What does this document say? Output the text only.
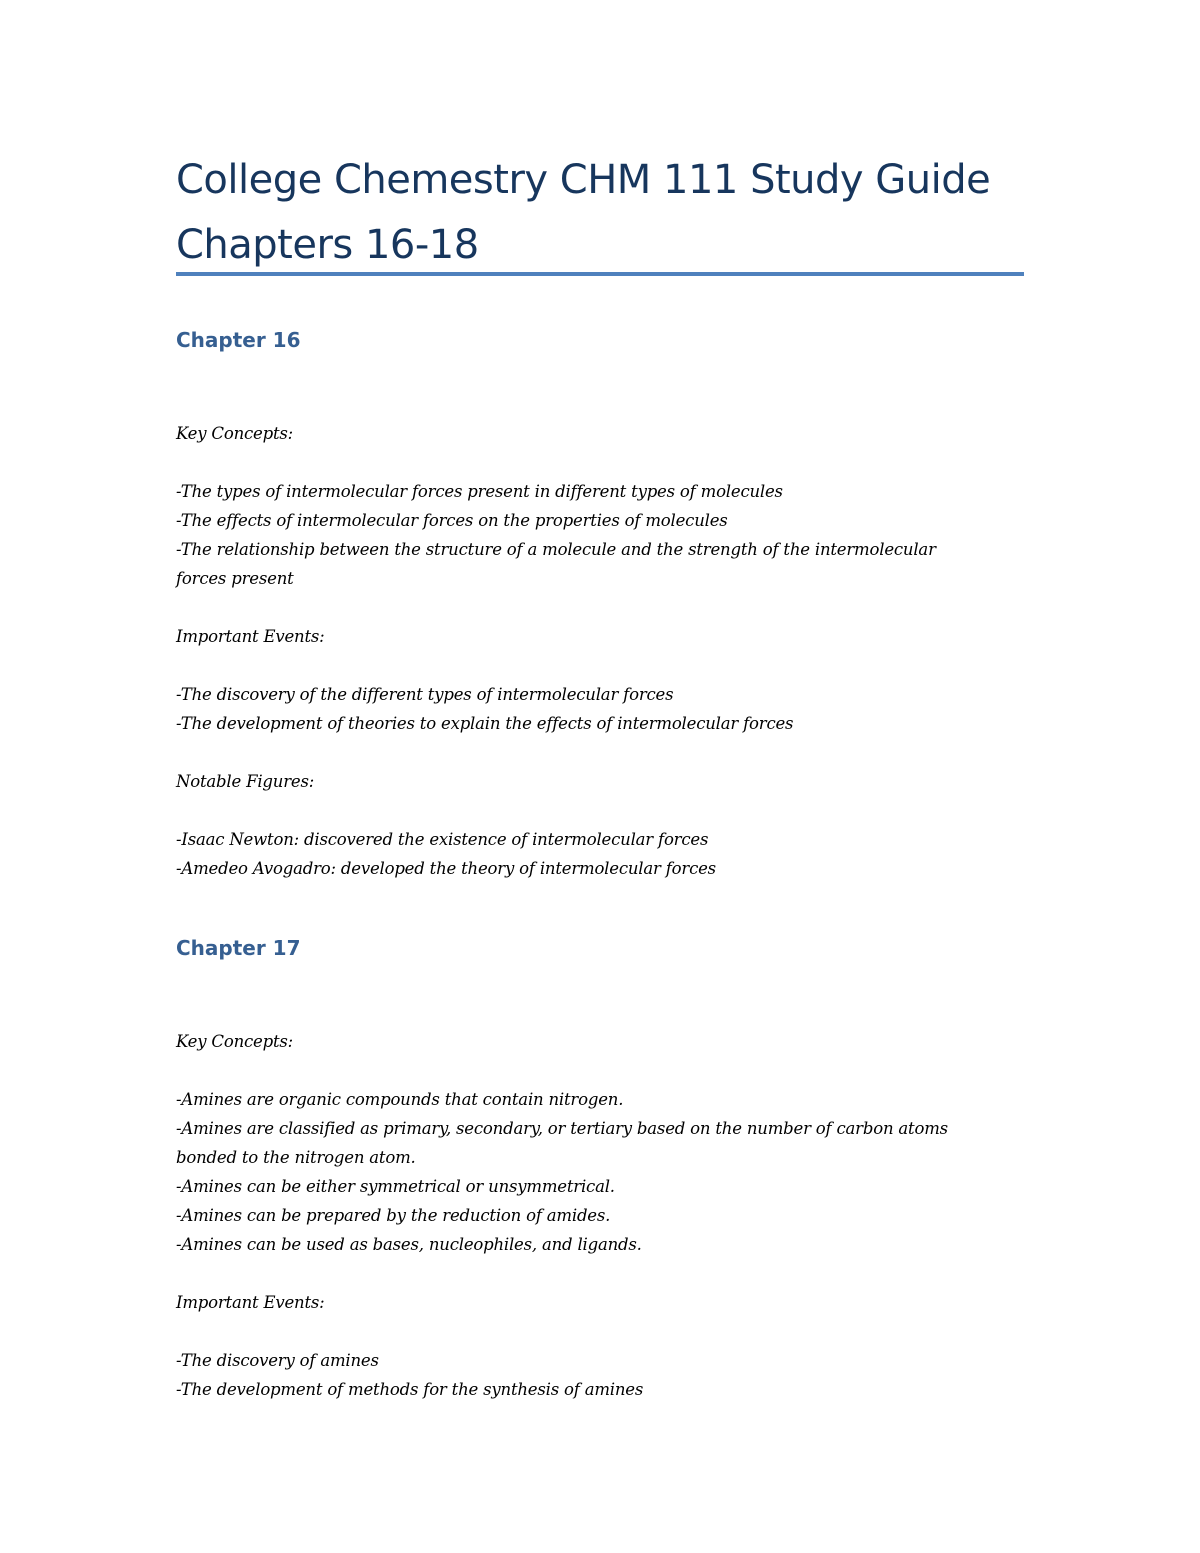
College Chemestry CHM 111 Study Guide Chapters 16-18
Chapter 16

Key Concepts:

-The types of intermolecular forces present in different types of molecules

-The effects of intermolecular forces on the properties of molecules

-The relationship between the structure of a molecule and the strength of the intermolecular

forces present

Important Events:

-The discovery of the different types of intermolecular forces

-The development of theories to explain the effects of intermolecular forces

Notable Figures:

-Isaac Newton: discovered the existence of intermolecular forces

-Amedeo Avogadro: developed the theory of intermolecular forces

Chapter 17

Key Concepts:

-Amines are organic compounds that contain nitrogen.

-Amines are classified as primary, secondary, or tertiary based on the number of carbon atoms

bonded to the nitrogen atom.

-Amines can be either symmetrical or unsymmetrical.

-Amines can be prepared by the reduction of amides.

-Amines can be used as bases, nucleophiles, and ligands.

Important Events:

-The discovery of amines

-The development of methods for the synthesis of amines
